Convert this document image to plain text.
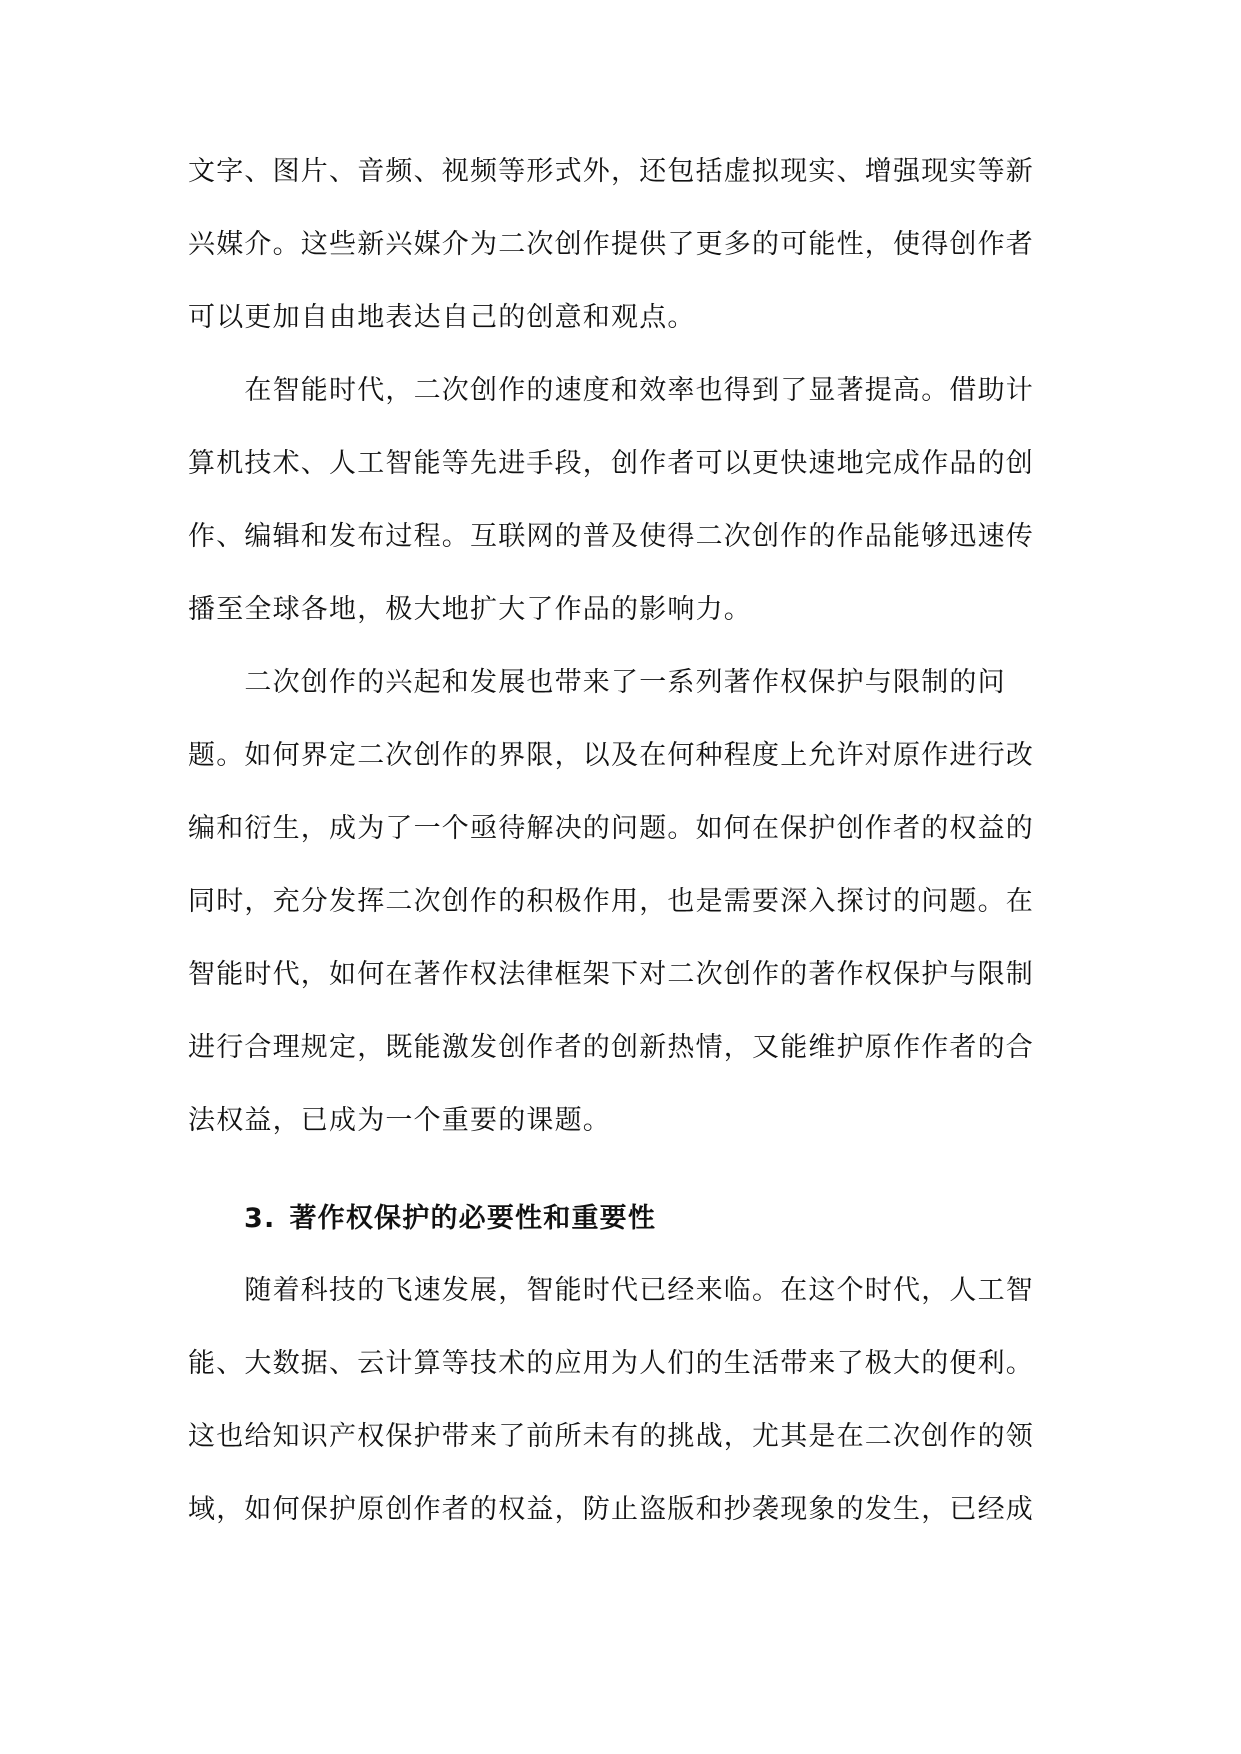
文字、图片、音频、视频等形式外，还包括虚拟现实、增强现实等新
兴媒介。这些新兴媒介为二次创作提供了更多的可能性，使得创作者
可以更加自由地表达自己的创意和观点。
　　在智能时代，二次创作的速度和效率也得到了显著提高。借助计
算机技术、人工智能等先进手段，创作者可以更快速地完成作品的创
作、编辑和发布过程。互联网的普及使得二次创作的作品能够迅速传
播至全球各地，极大地扩大了作品的影响力。
　　二次创作的兴起和发展也带来了一系列著作权保护与限制的问
题。如何界定二次创作的界限，以及在何种程度上允许对原作进行改
编和衍生，成为了一个亟待解决的问题。如何在保护创作者的权益的
同时，充分发挥二次创作的积极作用，也是需要深入探讨的问题。在
智能时代，如何在著作权法律框架下对二次创作的著作权保护与限制
进行合理规定，既能激发创作者的创新热情，又能维护原作作者的合
法权益，已成为一个重要的课题。
3. 著作权保护的必要性和重要性
　　随着科技的飞速发展，智能时代已经来临。在这个时代，人工智
能、大数据、云计算等技术的应用为人们的生活带来了极大的便利。
这也给知识产权保护带来了前所未有的挑战，尤其是在二次创作的领
域，如何保护原创作者的权益，防止盗版和抄袭现象的发生，已经成
